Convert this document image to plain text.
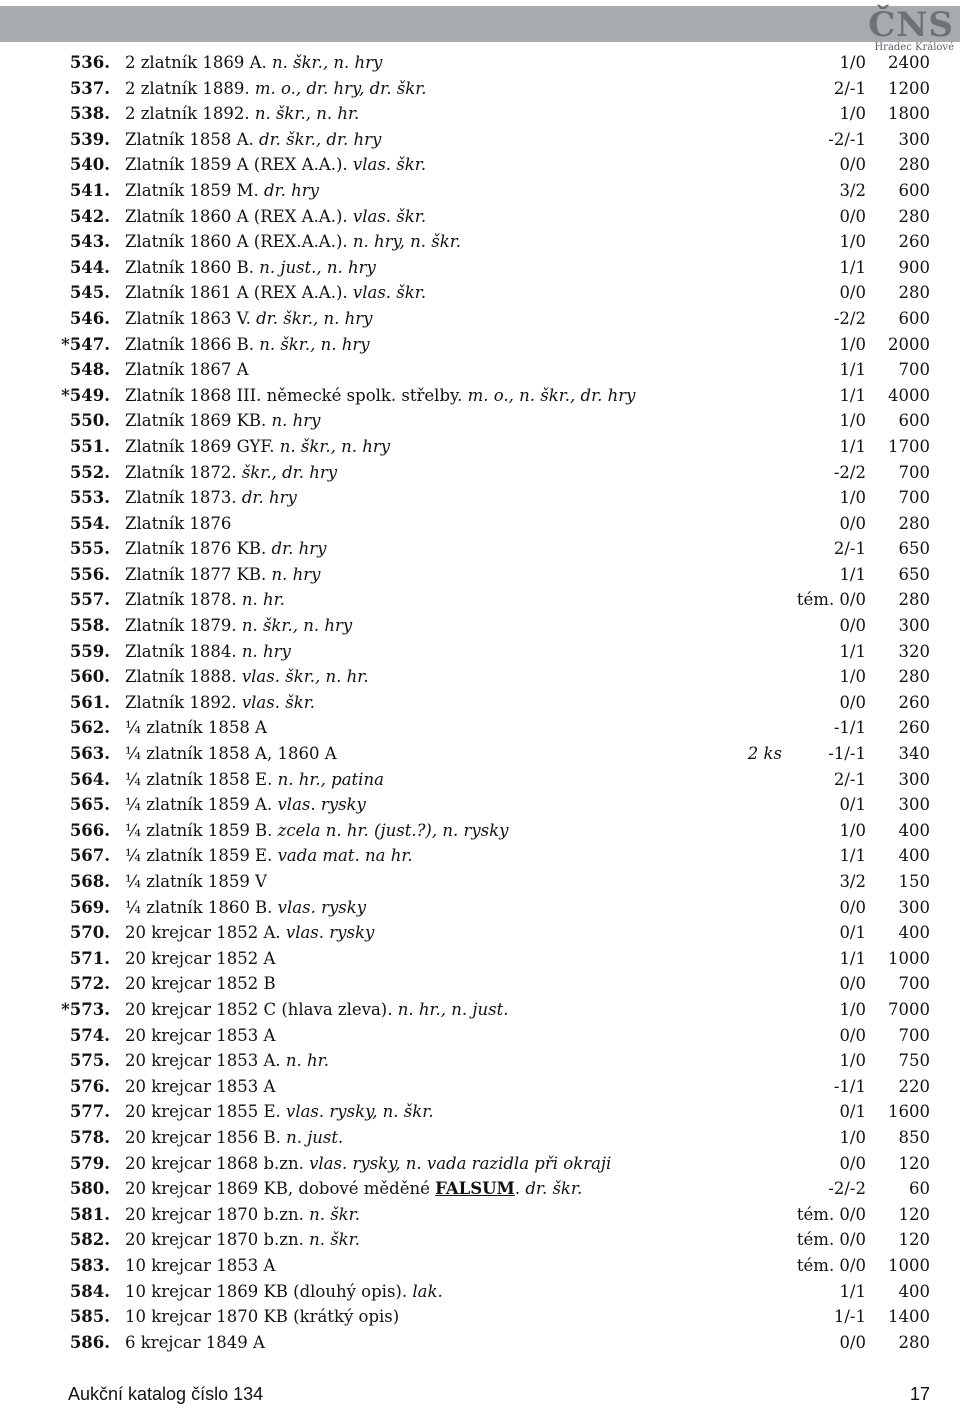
ČNS
Hradec Králové
536. 2 zlatník 1869 A. n. škr., n. hry	1/0	2400
537. 2 zlatník 1889. m. o., dr. hry, dr. škr.	2/-1	1200
538. 2 zlatník 1892. n. škr., n. hr.	1/0	1800
539. Zlatník 1858 A. dr. škr., dr. hry	-2/-1	300
540. Zlatník 1859 A (REX A.A.). vlas. škr.	0/0	280
541. Zlatník 1859 M. dr. hry	3/2	600
542. Zlatník 1860 A (REX A.A.). vlas. škr.	0/0	280
543. Zlatník 1860 A (REX.A.A.). n. hry, n. škr.	1/0	260
544. Zlatník 1860 B. n. just., n. hry	1/1	900
545. Zlatník 1861 A (REX A.A.). vlas. škr.	0/0	280
546. Zlatník 1863 V. dr. škr., n. hry	-2/2	600
*547. Zlatník 1866 B. n. škr., n. hry	1/0	2000
548. Zlatník 1867 A	1/1	700
*549. Zlatník 1868 III. německé spolk. střelby. m. o., n. škr., dr. hry	1/1	4000
550. Zlatník 1869 KB. n. hry	1/0	600
551. Zlatník 1869 GYF. n. škr., n. hry	1/1	1700
552. Zlatník 1872. škr., dr. hry	-2/2	700
553. Zlatník 1873. dr. hry	1/0	700
554. Zlatník 1876	0/0	280
555. Zlatník 1876 KB. dr. hry	2/-1	650
556. Zlatník 1877 KB. n. hry	1/1	650
557. Zlatník 1878. n. hr.	tém. 0/0	280
558. Zlatník 1879. n. škr., n. hry	0/0	300
559. Zlatník 1884. n. hry	1/1	320
560. Zlatník 1888. vlas. škr., n. hr.	1/0	280
561. Zlatník 1892. vlas. škr.	0/0	260
562. ¼ zlatník 1858 A	-1/1	260
563. ¼ zlatník 1858 A, 1860 A	2 ks	-1/-1	340
564. ¼ zlatník 1858 E. n. hr., patina	2/-1	300
565. ¼ zlatník 1859 A. vlas. rysky	0/1	300
566. ¼ zlatník 1859 B. zcela n. hr. (just.?), n. rysky	1/0	400
567. ¼ zlatník 1859 E. vada mat. na hr.	1/1	400
568. ¼ zlatník 1859 V	3/2	150
569. ¼ zlatník 1860 B. vlas. rysky	0/0	300
570. 20 krejcar 1852 A. vlas. rysky	0/1	400
571. 20 krejcar 1852 A	1/1	1000
572. 20 krejcar 1852 B	0/0	700
*573. 20 krejcar 1852 C (hlava zleva). n. hr., n. just.	1/0	7000
574. 20 krejcar 1853 A	0/0	700
575. 20 krejcar 1853 A. n. hr.	1/0	750
576. 20 krejcar 1853 A	-1/1	220
577. 20 krejcar 1855 E. vlas. rysky, n. škr.	0/1	1600
578. 20 krejcar 1856 B. n. just.	1/0	850
579. 20 krejcar 1868 b.zn. vlas. rysky, n. vada razidla při okraji	0/0	120
580. 20 krejcar 1869 KB, dobové měděné FALSUM. dr. škr.	-2/-2	60
581. 20 krejcar 1870 b.zn. n. škr.	tém. 0/0	120
582. 20 krejcar 1870 b.zn. n. škr.	tém. 0/0	120
583. 10 krejcar 1853 A	tém. 0/0	1000
584. 10 krejcar 1869 KB (dlouhý opis). lak.	1/1	400
585. 10 krejcar 1870 KB (krátký opis)	1/-1	1400
586. 6 krejcar 1849 A	0/0	280
Aukční katalog číslo 134	17
